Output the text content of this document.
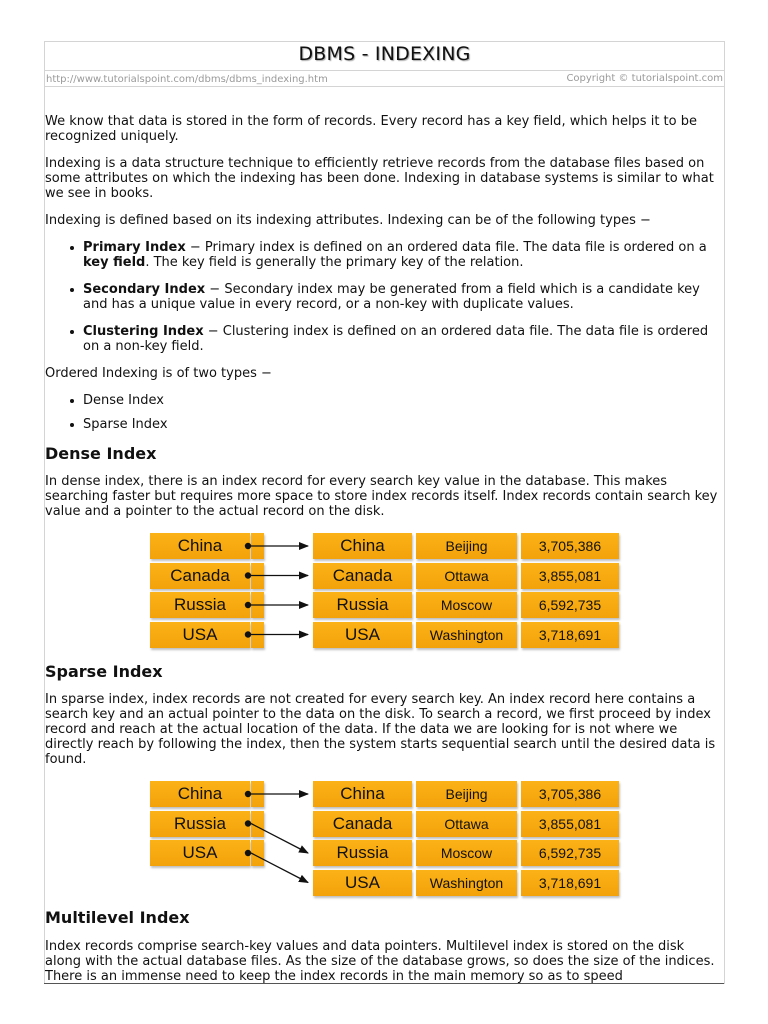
DBMS - INDEXING
http://www.tutorialspoint.com/dbms/dbms_indexing.htm	Copyright © tutorialspoint.com

We know that data is stored in the form of records. Every record has a key field, which helps it to be recognized uniquely.

Indexing is a data structure technique to efficiently retrieve records from the database files based on some attributes on which the indexing has been done. Indexing in database systems is similar to what we see in books.

Indexing is defined based on its indexing attributes. Indexing can be of the following types −

Primary Index − Primary index is defined on an ordered data file. The data file is ordered on a key field. The key field is generally the primary key of the relation.
Secondary Index − Secondary index may be generated from a field which is a candidate key and has a unique value in every record, or a non-key with duplicate values.
Clustering Index − Clustering index is defined on an ordered data file. The data file is ordered on a non-key field.

Ordered Indexing is of two types −

Dense Index
Sparse Index
Dense Index

In dense index, there is an index record for every search key value in the database. This makes searching faster but requires more space to store index records itself. Index records contain search key value and a pointer to the actual record on the disk.

China
Canada
Russia
USA
China	Beijing	3,705,386
Canada	Ottawa	3,855,081
Russia	Moscow	6,592,735
USA	Washington	3,718,691
Sparse Index

In sparse index, index records are not created for every search key. An index record here contains a search key and an actual pointer to the data on the disk. To search a record, we first proceed by index record and reach at the actual location of the data. If the data we are looking for is not where we directly reach by following the index, then the system starts sequential search until the desired data is found.

China
Russia
USA
China	Beijing	3,705,386
Canada	Ottawa	3,855,081
Russia	Moscow	6,592,735
USA	Washington	3,718,691
Multilevel Index

Index records comprise search-key values and data pointers. Multilevel index is stored on the disk along with the actual database files. As the size of the database grows, so does the size of the indices. There is an immense need to keep the index records in the main memory so as to speed
